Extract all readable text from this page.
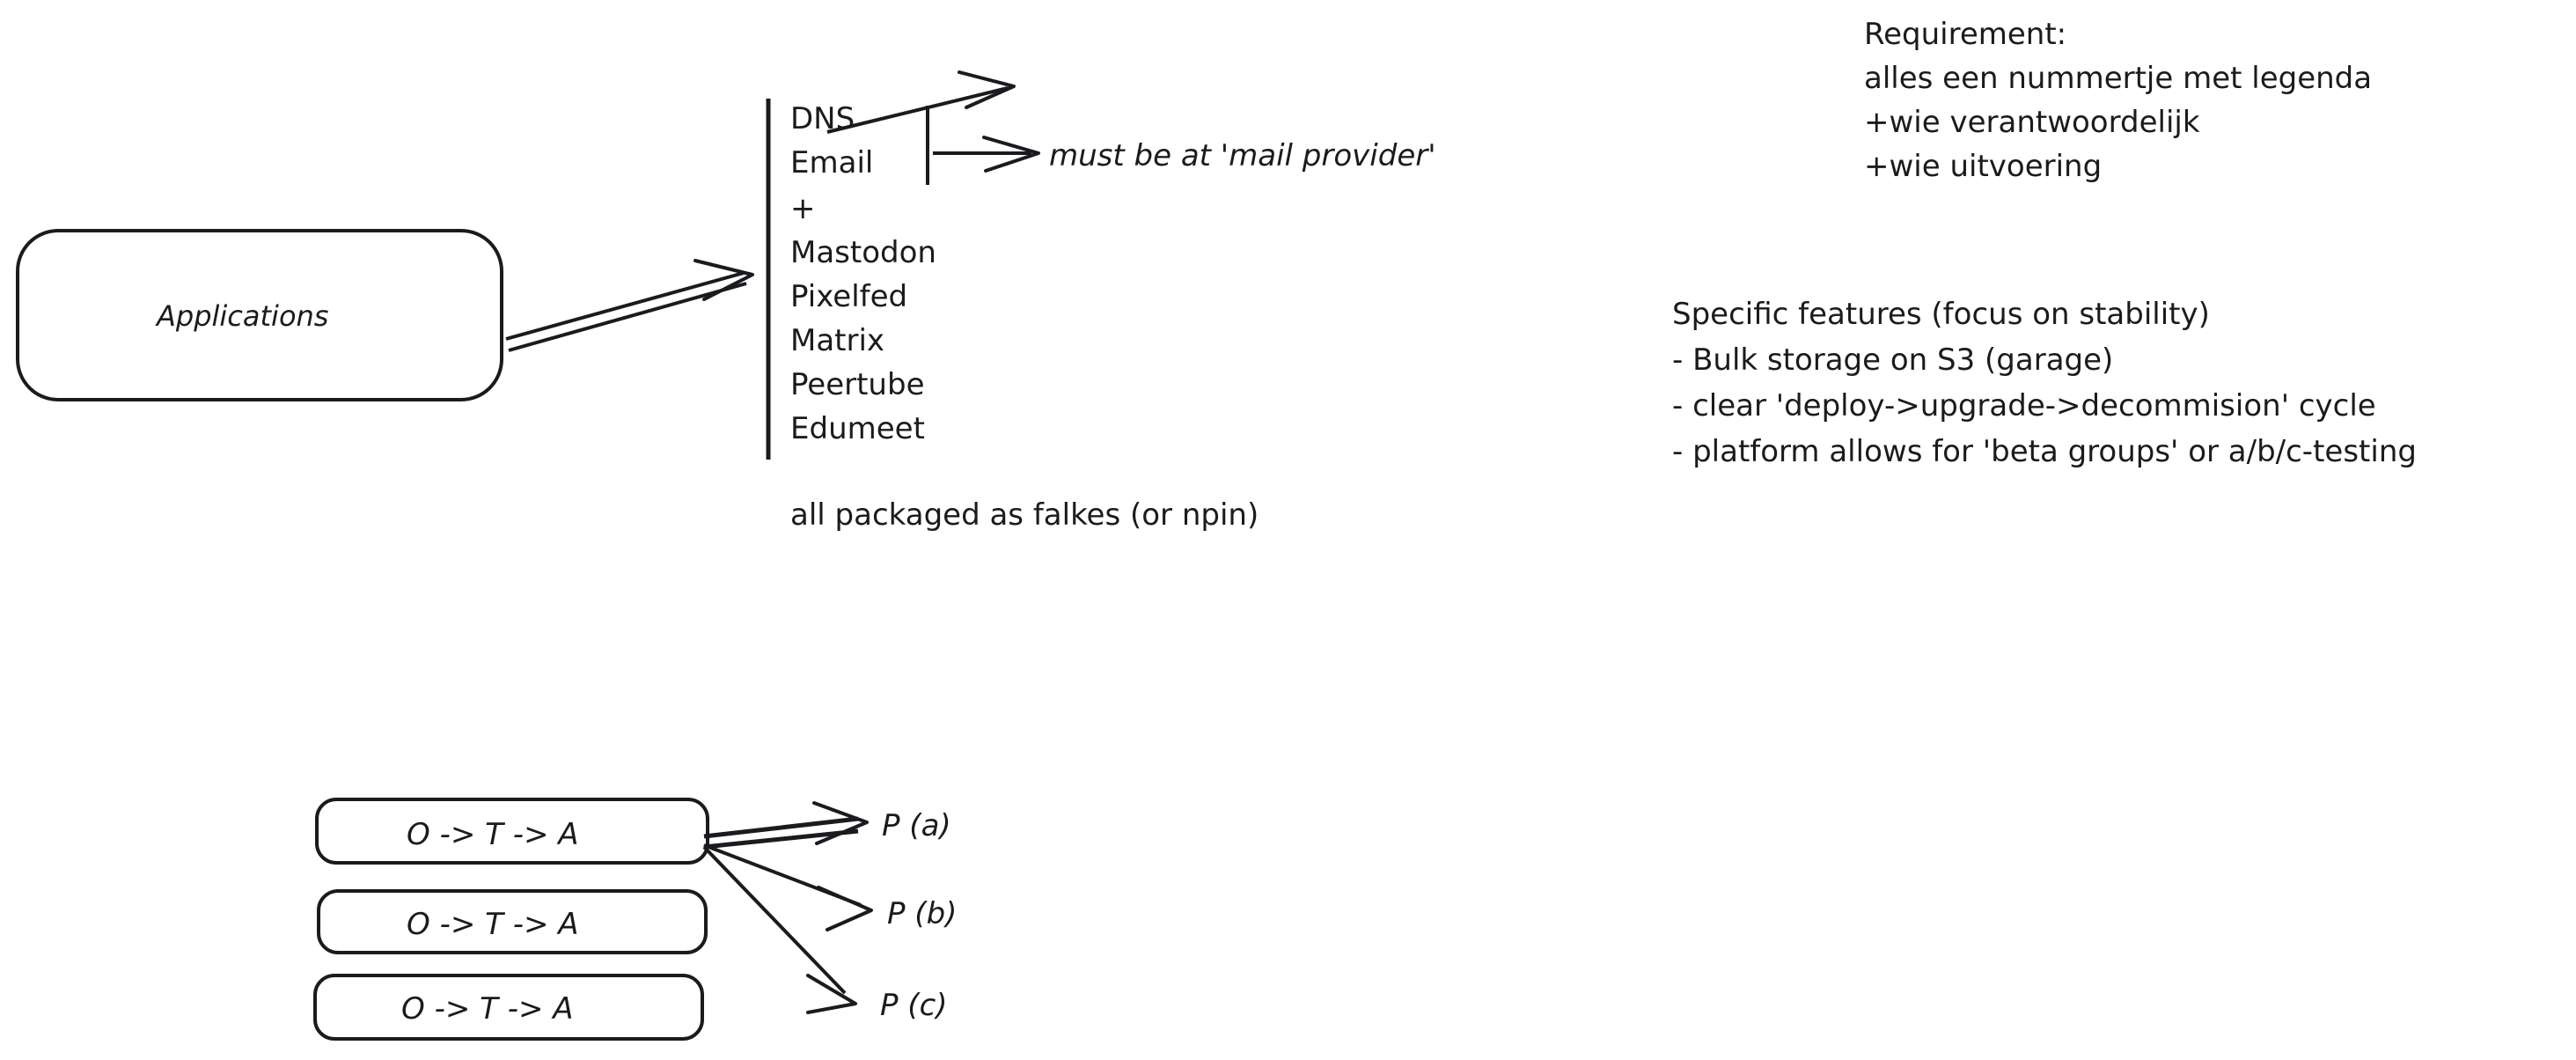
Applications
DNS
Email
+
Mastodon
Pixelfed
Matrix
Peertube
Edumeet
must be at 'mail provider'
all packaged as falkes (or npin)
Requirement:
alles een nummertje met legenda
+wie verantwoordelijk
+wie uitvoering
Specific features (focus on stability)
- Bulk storage on S3 (garage)
- clear 'deploy->upgrade->decommision' cycle
- platform allows for 'beta groups' or a/b/c-testing
O -> T -> A
O -> T -> A
O -> T -> A
P (a)
P (b)
P (c)
